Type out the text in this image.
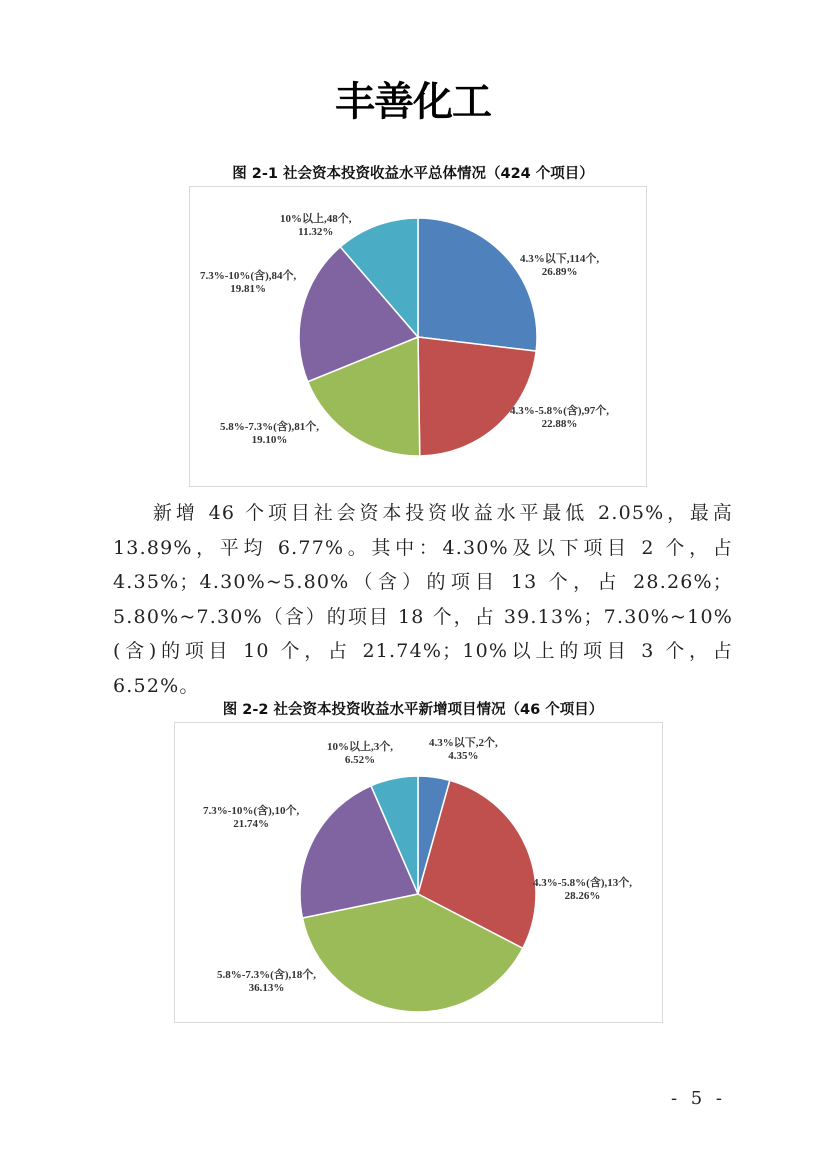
丰善化工
图 2-1 社会资本投资收益水平总体情况（424 个项目）
10%以上,48个,
11.32%
4.3%以下,114个,
26.89%
4.3%-5.8%(含),97个,
22.88%
5.8%-7.3%(含),81个,
19.10%
7.3%-10%(含),84个,
19.81%

新增 46 个项目社会资本投资收益水平最低 2.05%，最高 13.89%，平均 6.77%。其中：4.30%及以下项目 2 个，占 4.35%；4.30%~5.80%（含）的项目 13 个，占 28.26%；5.80%~7.30%（含）的项目 18 个，占 39.13%；7.30%~10%(含)的项目 10 个，占 21.74%；10%以上的项目 3 个，占 6.52%。

图 2-2 社会资本投资收益水平新增项目情况（46 个项目）
10%以上,3个,
6.52%
4.3%以下,2个,
4.35%
4.3%-5.8%(含),13个,
28.26%
5.8%-7.3%(含),18个,
36.13%
7.3%-10%(含),10个,
21.74%
- 5 -
